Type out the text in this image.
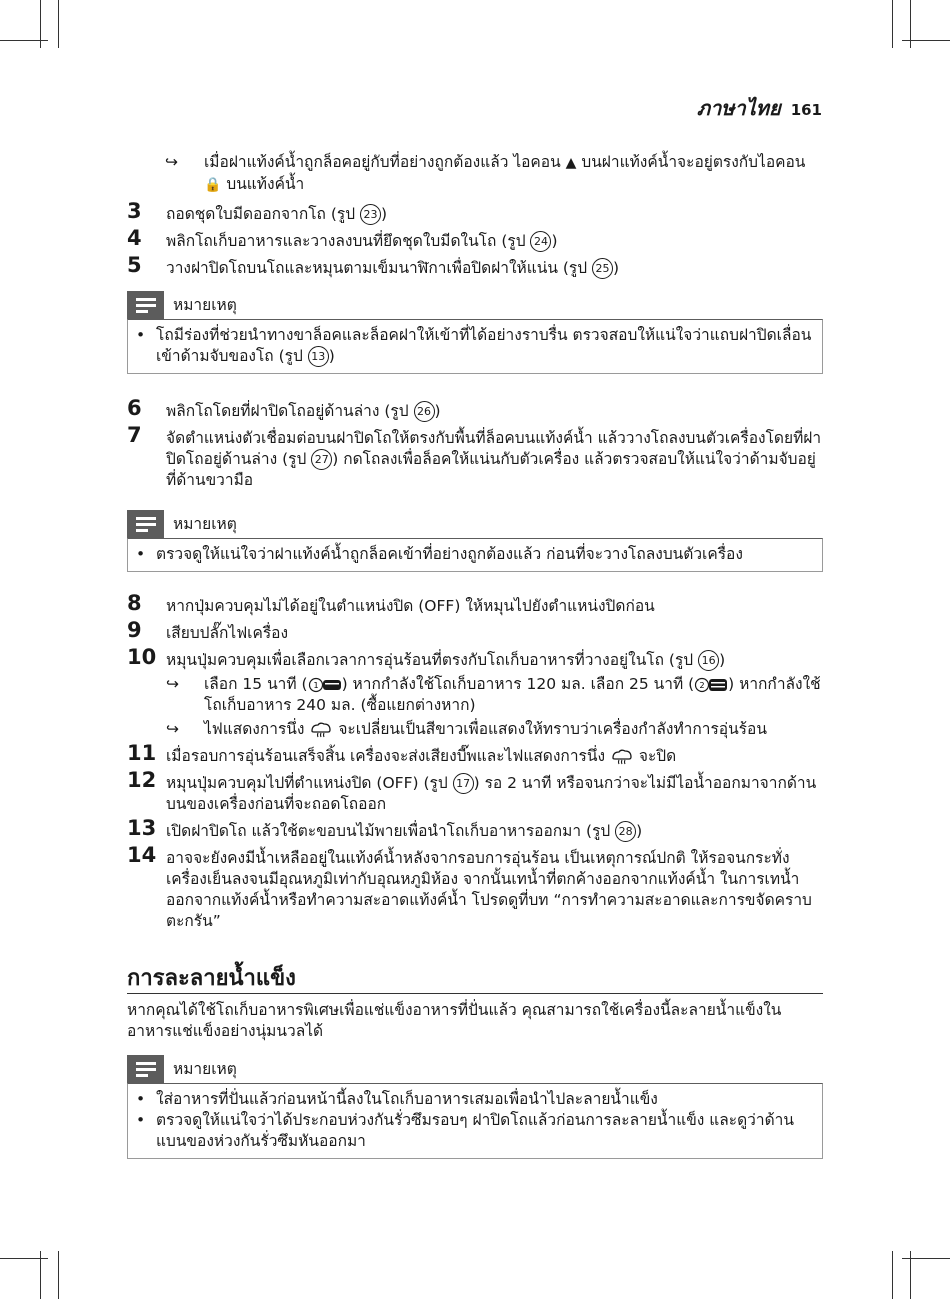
ภาษาไทย 161
↪ เมื่อฝาแท้งค์น้ำถูกล็อคอยู่กับที่อย่างถูกต้องแล้ว ไอคอน ▲ บนฝาแท้งค์น้ำจะอยู่ตรงกับไอคอน 🔒 บนแท้งค์น้ำ
3 ถอดชุดใบมีดออกจากโถ (รูป 23 )
4 พลิกโถเก็บอาหารและวางลงบนที่ยึดชุดใบมีดในโถ (รูป 24 )
5 วางฝาปิดโถบนโถและหมุนตามเข็มนาฬิกาเพื่อปิดฝาให้แน่น (รูป 25 )
หมายเหตุ
• โถมีร่องที่ช่วยนำทางขาล็อคและล็อคฝาให้เข้าที่ได้อย่างราบรื่น ตรวจสอบให้แน่ใจว่าแถบฝาปิดเลื่อนเข้าด้ามจับของโถ (รูป 13 )
6 พลิกโถโดยที่ฝาปิดโถอยู่ด้านล่าง (รูป 26 )
7 จัดตำแหน่งตัวเชื่อมต่อบนฝาปิดโถให้ตรงกับพื้นที่ล็อคบนแท้งค์น้ำ แล้ววางโถลงบนตัวเครื่องโดยที่ฝาปิดโถอยู่ด้านล่าง (รูป 27 ) กดโถลงเพื่อล็อคให้แน่นกับตัวเครื่อง แล้วตรวจสอบให้แน่ใจว่าด้ามจับอยู่ที่ด้านขวามือ
หมายเหตุ
• ตรวจดูให้แน่ใจว่าฝาแท้งค์น้ำถูกล็อคเข้าที่อย่างถูกต้องแล้ว ก่อนที่จะวางโถลงบนตัวเครื่อง
8 หากปุ่มควบคุมไม่ได้อยู่ในตำแหน่งปิด (OFF) ให้หมุนไปยังตำแหน่งปิดก่อน
9 เสียบปลั๊กไฟเครื่อง
10 หมุนปุ่มควบคุมเพื่อเลือกเวลาการอุ่นร้อนที่ตรงกับโถเก็บอาหารที่วางอยู่ในโถ (รูป 16 )
↪ เลือก 15 นาที ( 1 ) หากกำลังใช้โถเก็บอาหาร 120 มล. เลือก 25 นาที ( 2 ) หากกำลังใช้โถเก็บอาหาร 240 มล. (ซื้อแยกต่างหาก)
↪ ไฟแสดงการนึ่ง จะเปลี่ยนเป็นสีขาวเพื่อแสดงให้ทราบว่าเครื่องกำลังทำการอุ่นร้อน
11 เมื่อรอบการอุ่นร้อนเสร็จสิ้น เครื่องจะส่งเสียงบี๊พและไฟแสดงการนึ่ง จะปิด
12 หมุนปุ่มควบคุมไปที่ตำแหน่งปิด (OFF) (รูป 17 ) รอ 2 นาที หรือจนกว่าจะไม่มีไอน้ำออกมาจากด้านบนของเครื่องก่อนที่จะถอดโถออก
13 เปิดฝาปิดโถ แล้วใช้ตะขอบนไม้พายเพื่อนำโถเก็บอาหารออกมา (รูป 28 )
14 อาจจะยังคงมีน้ำเหลืออยู่ในแท้งค์น้ำหลังจากรอบการอุ่นร้อน เป็นเหตุการณ์ปกติ ให้รอจนกระทั่งเครื่องเย็นลงจนมีอุณหภูมิเท่ากับอุณหภูมิห้อง จากนั้นเทน้ำที่ตกค้างออกจากแท้งค์น้ำ ในการเทน้ำออกจากแท้งค์น้ำหรือทำความสะอาดแท้งค์น้ำ โปรดดูที่บท “การทำความสะอาดและการขจัดคราบตะกรัน”
การละลายน้ำแข็ง
หากคุณได้ใช้โถเก็บอาหารพิเศษเพื่อแช่แข็งอาหารที่ปั่นแล้ว คุณสามารถใช้เครื่องนี้ละลายน้ำแข็งในอาหารแช่แข็งอย่างนุ่มนวลได้
หมายเหตุ
• ใส่อาหารที่ปั่นแล้วก่อนหน้านี้ลงในโถเก็บอาหารเสมอเพื่อนำไปละลายน้ำแข็ง
• ตรวจดูให้แน่ใจว่าได้ประกอบห่วงกันรั่วซึมรอบๆ ฝาปิดโถแล้วก่อนการละลายน้ำแข็ง และดูว่าด้านแบนของห่วงกันรั่วซึมหันออกมา
